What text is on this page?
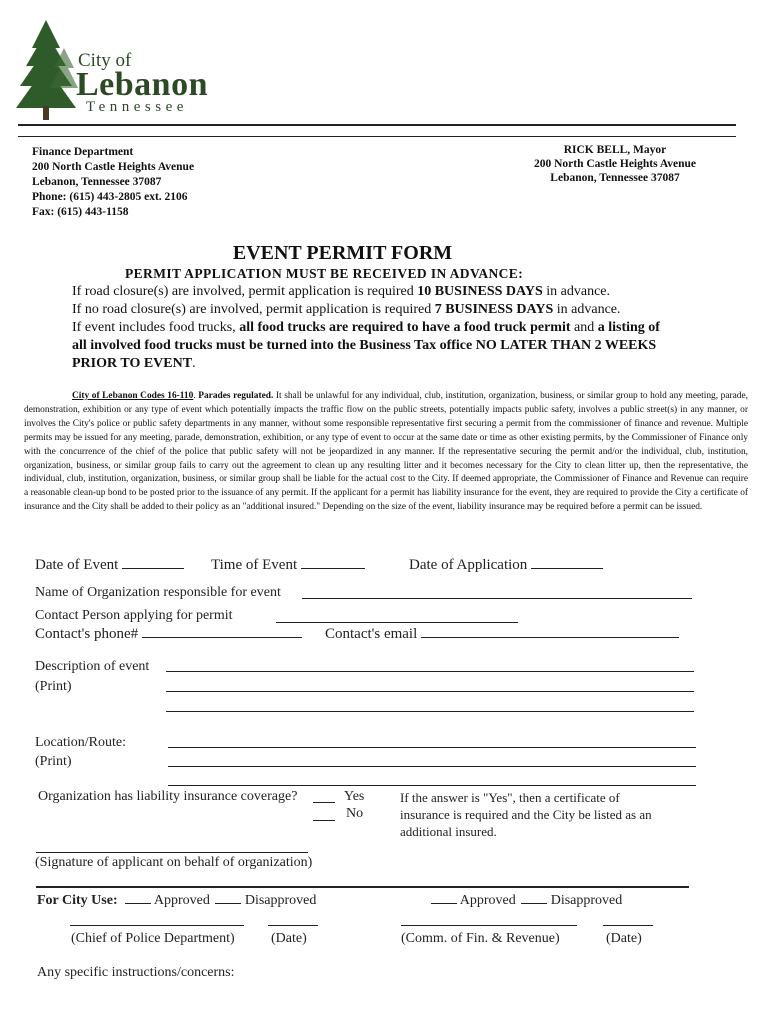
City of
Lebanon
Tennessee
Finance Department
200 North Castle Heights Avenue
Lebanon, Tennessee 37087
Phone: (615) 443-2805 ext. 2106
Fax: (615) 443-1158
RICK BELL, Mayor
200 North Castle Heights Avenue
Lebanon, Tennessee 37087
EVENT PERMIT FORM
PERMIT APPLICATION MUST BE RECEIVED IN ADVANCE:

If road closure(s) are involved, permit application is required 10 BUSINESS DAYS in advance.

If no road closure(s) are involved, permit application is required 7 BUSINESS DAYS in advance.

If event includes food trucks, all food trucks are required to have a food truck permit and a listing of all involved food trucks must be turned into the Business Tax office NO LATER THAN 2 WEEKS PRIOR TO EVENT.

City of Lebanon Codes 16-110. Parades regulated. It shall be unlawful for any individual, club, institution, organization, business, or similar group to hold any meeting, parade, demonstration, exhibition or any type of event which potentially impacts the traffic flow on the public streets, potentially impacts public safety, involves a public street(s) in any manner, or involves the City's police or public safety departments in any manner, without some responsible representative first securing a permit from the commissioner of finance and revenue. Multiple permits may be issued for any meeting, parade, demonstration, exhibition, or any type of event to occur at the same date or time as other existing permits, by the Commissioner of Finance only with the concurrence of the chief of the police that public safety will not be jeopardized in any manner. If the representative securing the permit and/or the individual, club, institution, organization, business, or similar group fails to carry out the agreement to clean up any resulting litter and it becomes necessary for the City to clean litter up, then the representative, the individual, club, institution, organization, business, or similar group shall be liable for the actual cost to the City. If deemed appropriate, the Commissioner of Finance and Revenue can require a reasonable clean-up bond to be posted prior to the issuance of any permit. If the applicant for a permit has liability insurance for the event, they are required to provide the City a certificate of insurance and the City shall be added to their policy as an "additional insured." Depending on the size of the event, liability insurance may be required before a permit can be issued.
Date of Event	Time of Event	Date of Application
Name of Organization responsible for event
Contact Person applying for permit
Contact's phone#	Contact's email
Description of event
(Print)
Location/Route:
(Print)
Organization has liability insurance coverage?	Yes
No
If the answer is "Yes", then a certificate of insurance is required and the City be listed as an additional insured.
(Signature of applicant on behalf of organization)
For City Use:	Approved	Disapproved	Approved	Disapproved
(Chief of Police Department)	(Date)	(Comm. of Fin. & Revenue)	(Date)
Any specific instructions/concerns:
